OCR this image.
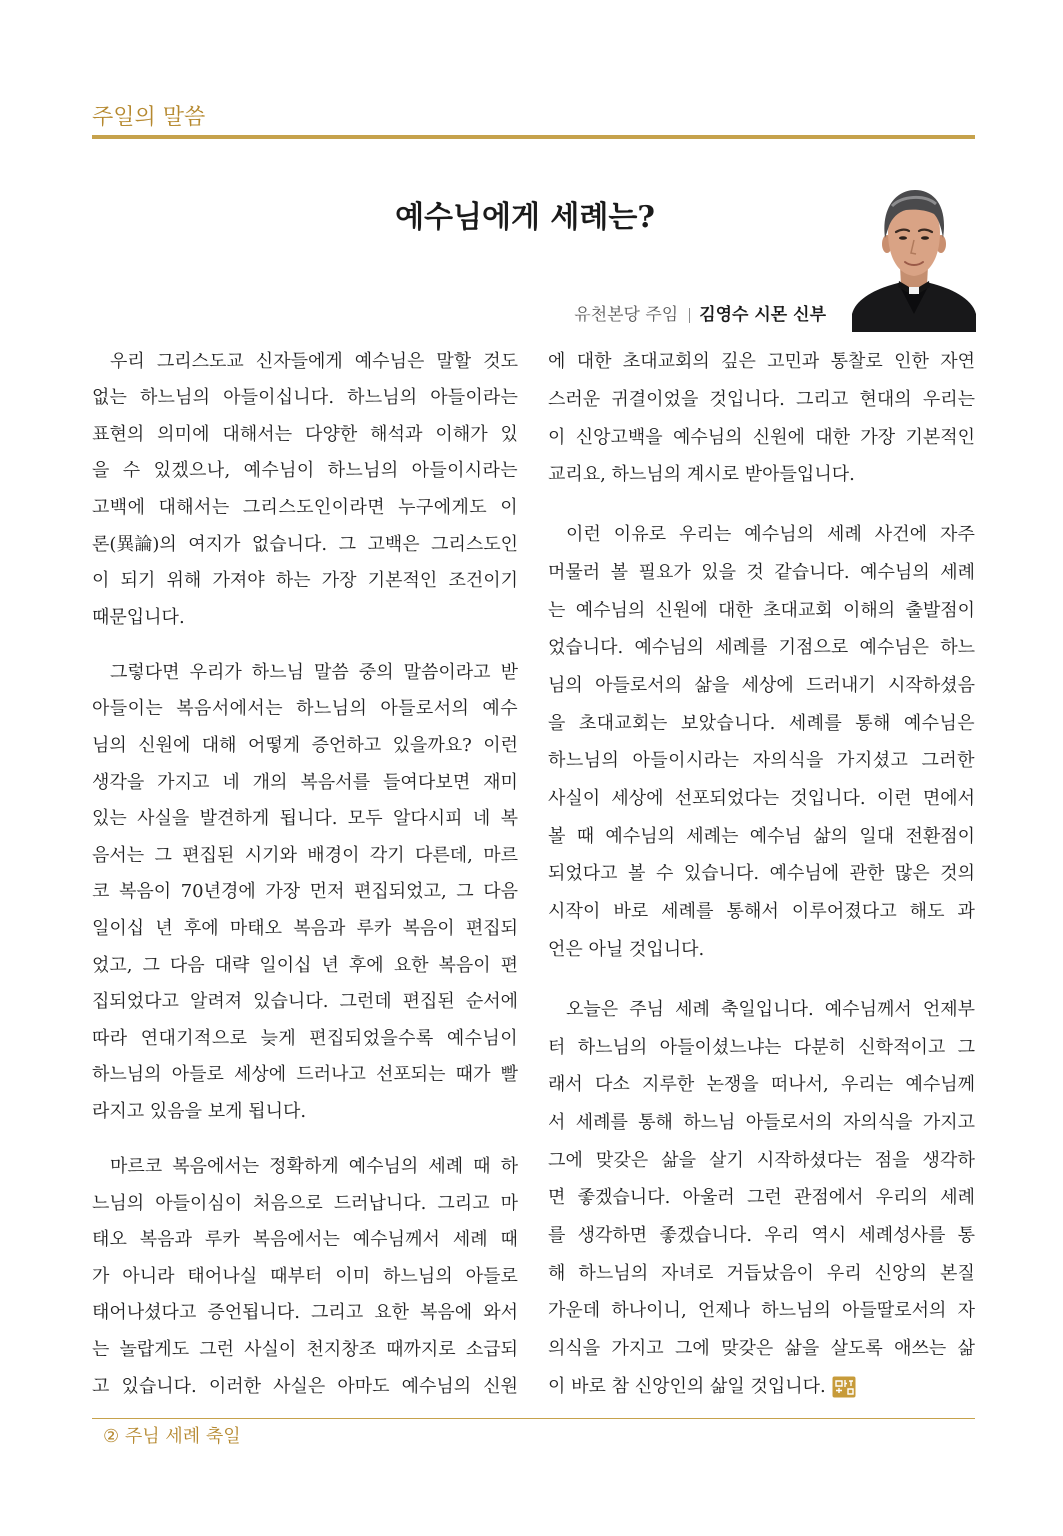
주일의 말씀
예수님에게 세례는?
유천본당 주임 김영수 시몬 신부
우리 그리스도교 신자들에게 예수님은 말할 것도
없는 하느님의 아들이십니다. 하느님의 아들이라는
표현의 의미에 대해서는 다양한 해석과 이해가 있
을 수 있겠으나, 예수님이 하느님의 아들이시라는
고백에 대해서는 그리스도인이라면 누구에게도 이
론(異論)의 여지가 없습니다. 그 고백은 그리스도인
이 되기 위해 가져야 하는 가장 기본적인 조건이기
때문입니다.
그렇다면 우리가 하느님 말씀 중의 말씀이라고 받
아들이는 복음서에서는 하느님의 아들로서의 예수
님의 신원에 대해 어떻게 증언하고 있을까요? 이런
생각을 가지고 네 개의 복음서를 들여다보면 재미
있는 사실을 발견하게 됩니다. 모두 알다시피 네 복
음서는 그 편집된 시기와 배경이 각기 다른데, 마르
코 복음이 70년경에 가장 먼저 편집되었고, 그 다음
일이십 년 후에 마태오 복음과 루카 복음이 편집되
었고, 그 다음 대략 일이십 년 후에 요한 복음이 편
집되었다고 알려져 있습니다. 그런데 편집된 순서에
따라 연대기적으로 늦게 편집되었을수록 예수님이
하느님의 아들로 세상에 드러나고 선포되는 때가 빨
라지고 있음을 보게 됩니다.
마르코 복음에서는 정확하게 예수님의 세례 때 하
느님의 아들이심이 처음으로 드러납니다. 그리고 마
태오 복음과 루카 복음에서는 예수님께서 세례 때
가 아니라 태어나실 때부터 이미 하느님의 아들로
태어나셨다고 증언됩니다. 그리고 요한 복음에 와서
는 놀랍게도 그런 사실이 천지창조 때까지로 소급되
고 있습니다. 이러한 사실은 아마도 예수님의 신원
에 대한 초대교회의 깊은 고민과 통찰로 인한 자연
스러운 귀결이었을 것입니다. 그리고 현대의 우리는
이 신앙고백을 예수님의 신원에 대한 가장 기본적인
교리요, 하느님의 계시로 받아들입니다.
이런 이유로 우리는 예수님의 세례 사건에 자주
머물러 볼 필요가 있을 것 같습니다. 예수님의 세례
는 예수님의 신원에 대한 초대교회 이해의 출발점이
었습니다. 예수님의 세례를 기점으로 예수님은 하느
님의 아들로서의 삶을 세상에 드러내기 시작하셨음
을 초대교회는 보았습니다. 세례를 통해 예수님은
하느님의 아들이시라는 자의식을 가지셨고 그러한
사실이 세상에 선포되었다는 것입니다. 이런 면에서
볼 때 예수님의 세례는 예수님 삶의 일대 전환점이
되었다고 볼 수 있습니다. 예수님에 관한 많은 것의
시작이 바로 세례를 통해서 이루어졌다고 해도 과
언은 아닐 것입니다.
오늘은 주님 세례 축일입니다. 예수님께서 언제부
터 하느님의 아들이셨느냐는 다분히 신학적이고 그
래서 다소 지루한 논쟁을 떠나서, 우리는 예수님께
서 세례를 통해 하느님 아들로서의 자의식을 가지고
그에 맞갖은 삶을 살기 시작하셨다는 점을 생각하
면 좋겠습니다. 아울러 그런 관점에서 우리의 세례
를 생각하면 좋겠습니다. 우리 역시 세례성사를 통
해 하느님의 자녀로 거듭났음이 우리 신앙의 본질
가운데 하나이니, 언제나 하느님의 아들딸로서의 자
의식을 가지고 그에 맞갖은 삶을 살도록 애쓰는 삶
이 바로 참 신앙인의 삶일 것입니다.
② 주님 세례 축일
